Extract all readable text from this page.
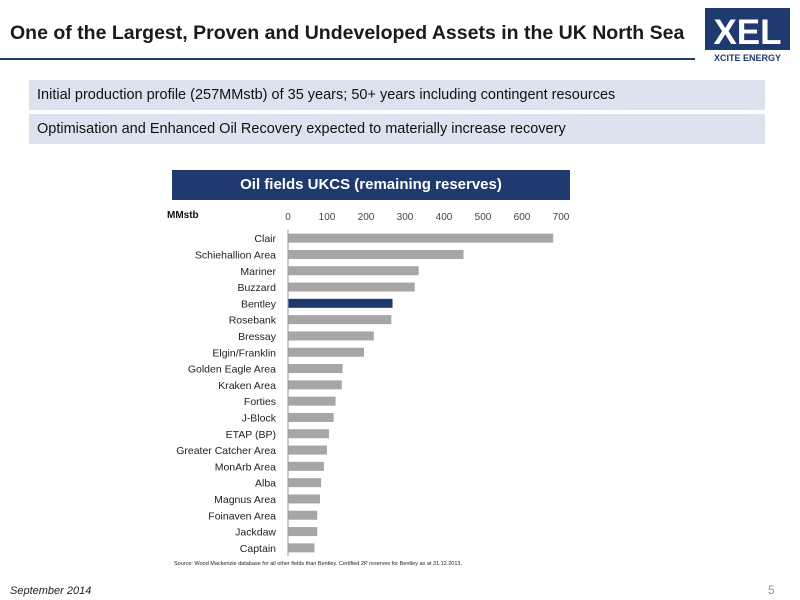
One of the Largest, Proven and Undeveloped Assets in the UK North Sea XEL
XCITE ENERGY
Initial production profile (257MMstb) of 35 years; 50+ years including contingent resources
Optimisation and Enhanced Oil Recovery expected to materially increase recovery
Oil fields UKCS (remaining reserves)
MMstb	0	100 200 300 400 500 600 700
Clair
Schiehallion Area
Mariner
Buzzard
Bentley
Rosebank
Bressay
Elgin/Franklin
Golden Eagle Area
Kraken Area
Forties
J-Block
ETAP (BP)
Greater Catcher Area
MonArb Area
Alba
Magnus Area
Foinaven Area
Jackdaw
Captain
Source: Wood Mackenzie database for all other fields than Bentley. Certified 2P reserves for Bentley as at 31.12.2013.
September 2014	5
